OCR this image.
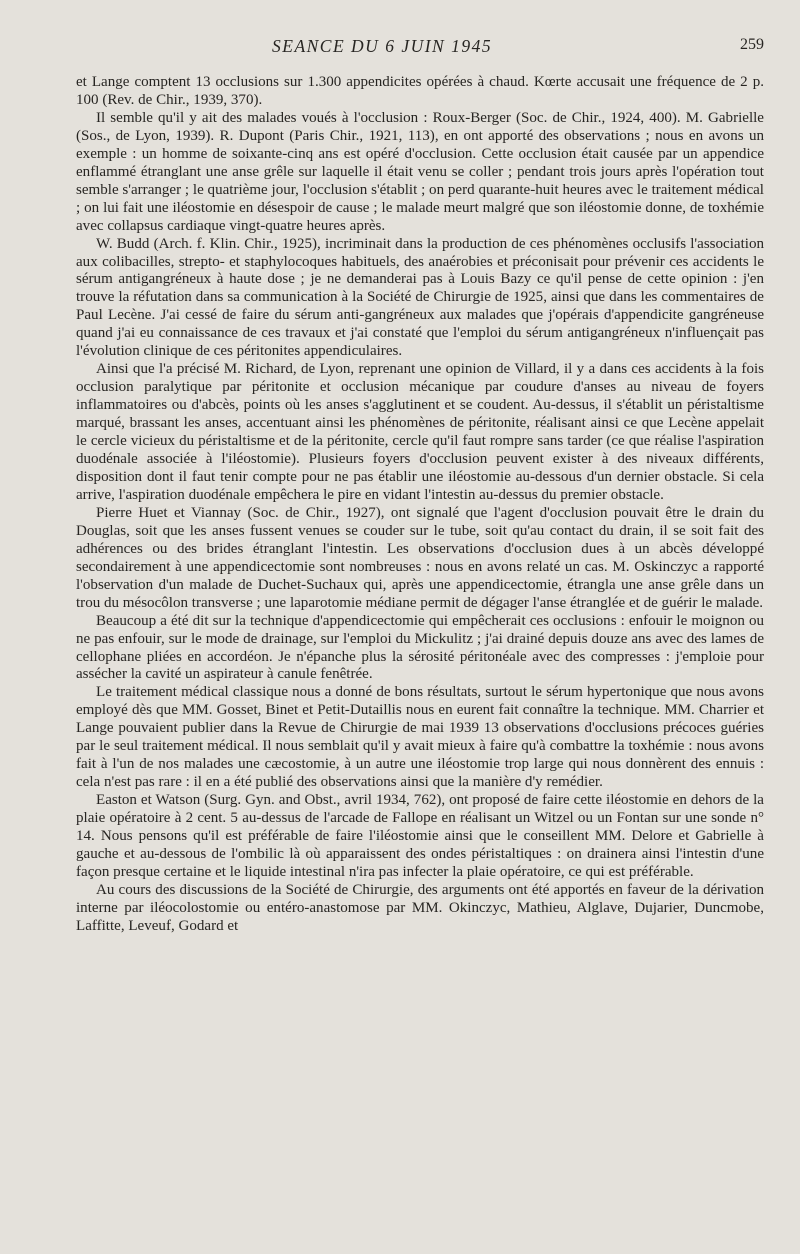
SEANCE DU 6 JUIN 1945	259

et Lange comptent 13 occlusions sur 1.300 appendicites opérées à chaud. Kœrte accusait une fréquence de 2 p. 100 (Rev. de Chir., 1939, 370).

Il semble qu'il y ait des malades voués à l'occlusion : Roux-Berger (Soc. de Chir., 1924, 400). M. Gabrielle (Sos., de Lyon, 1939). R. Dupont (Paris Chir., 1921, 113), en ont apporté des observations ; nous en avons un exemple : un homme de soixante-cinq ans est opéré d'occlusion. Cette occlusion était causée par un appendice enflammé étranglant une anse grêle sur laquelle il était venu se coller ; pendant trois jours après l'opération tout semble s'arranger ; le quatrième jour, l'occlusion s'établit ; on perd quarante-huit heures avec le traitement médical ; on lui fait une iléostomie en désespoir de cause ; le malade meurt malgré que son iléostomie donne, de toxhémie avec collapsus cardiaque vingt-quatre heures après.

W. Budd (Arch. f. Klin. Chir., 1925), incriminait dans la production de ces phénomènes occlusifs l'association aux colibacilles, strepto- et staphylocoques habituels, des anaérobies et préconisait pour prévenir ces accidents le sérum antigangréneux à haute dose ; je ne demanderai pas à Louis Bazy ce qu'il pense de cette opinion : j'en trouve la réfutation dans sa communication à la Société de Chirurgie de 1925, ainsi que dans les commentaires de Paul Lecène. J'ai cessé de faire du sérum anti-gangréneux aux malades que j'opérais d'appendicite gangréneuse quand j'ai eu connaissance de ces travaux et j'ai constaté que l'emploi du sérum antigangréneux n'influençait pas l'évolution clinique de ces péritonites appendiculaires.

Ainsi que l'a précisé M. Richard, de Lyon, reprenant une opinion de Villard, il y a dans ces accidents à la fois occlusion paralytique par péritonite et occlusion mécanique par coudure d'anses au niveau de foyers inflammatoires ou d'abcès, points où les anses s'agglutinent et se coudent. Au-dessus, il s'établit un péristaltisme marqué, brassant les anses, accentuant ainsi les phénomènes de péritonite, réalisant ainsi ce que Lecène appelait le cercle vicieux du péristaltisme et de la péritonite, cercle qu'il faut rompre sans tarder (ce que réalise l'aspiration duodénale associée à l'iléostomie). Plusieurs foyers d'occlusion peuvent exister à des niveaux différents, disposition dont il faut tenir compte pour ne pas établir une iléostomie au-dessous d'un dernier obstacle. Si cela arrive, l'aspiration duodénale empêchera le pire en vidant l'intestin au-dessus du premier obstacle.

Pierre Huet et Viannay (Soc. de Chir., 1927), ont signalé que l'agent d'occlusion pouvait être le drain du Douglas, soit que les anses fussent venues se couder sur le tube, soit qu'au contact du drain, il se soit fait des adhérences ou des brides étranglant l'intestin. Les observations d'occlusion dues à un abcès développé secondairement à une appendicectomie sont nombreuses : nous en avons relaté un cas. M. Oskinczyc a rapporté l'observation d'un malade de Duchet-Suchaux qui, après une appendicectomie, étrangla une anse grêle dans un trou du mésocôlon transverse ; une laparotomie médiane permit de dégager l'anse étranglée et de guérir le malade.

Beaucoup a été dit sur la technique d'appendicectomie qui empêcherait ces occlusions : enfouir le moignon ou ne pas enfouir, sur le mode de drainage, sur l'emploi du Mickulitz ; j'ai drainé depuis douze ans avec des lames de cellophane pliées en accordéon. Je n'épanche plus la sérosité péritonéale avec des compresses : j'emploie pour assécher la cavité un aspirateur à canule fenêtrée.

Le traitement médical classique nous a donné de bons résultats, surtout le sérum hypertonique que nous avons employé dès que MM. Gosset, Binet et Petit-Dutaillis nous en eurent fait connaître la technique. MM. Charrier et Lange pouvaient publier dans la Revue de Chirurgie de mai 1939 13 observations d'occlusions précoces guéries par le seul traitement médical. Il nous semblait qu'il y avait mieux à faire qu'à combattre la toxhémie : nous avons fait à l'un de nos malades une cæcostomie, à un autre une iléostomie trop large qui nous donnèrent des ennuis : cela n'est pas rare : il en a été publié des observations ainsi que la manière d'y remédier.

Easton et Watson (Surg. Gyn. and Obst., avril 1934, 762), ont proposé de faire cette iléostomie en dehors de la plaie opératoire à 2 cent. 5 au-dessus de l'arcade de Fallope en réalisant un Witzel ou un Fontan sur une sonde n° 14. Nous pensons qu'il est préférable de faire l'iléostomie ainsi que le conseillent MM. Delore et Gabrielle à gauche et au-dessous de l'ombilic là où apparaissent des ondes péristaltiques : on drainera ainsi l'intestin d'une façon presque certaine et le liquide intestinal n'ira pas infecter la plaie opératoire, ce qui est préférable.

Au cours des discussions de la Société de Chirurgie, des arguments ont été apportés en faveur de la dérivation interne par iléocolostomie ou entéro-anastomose par MM. Okinczyc, Mathieu, Alglave, Dujarier, Duncmobe, Laffitte, Leveuf, Godard et
